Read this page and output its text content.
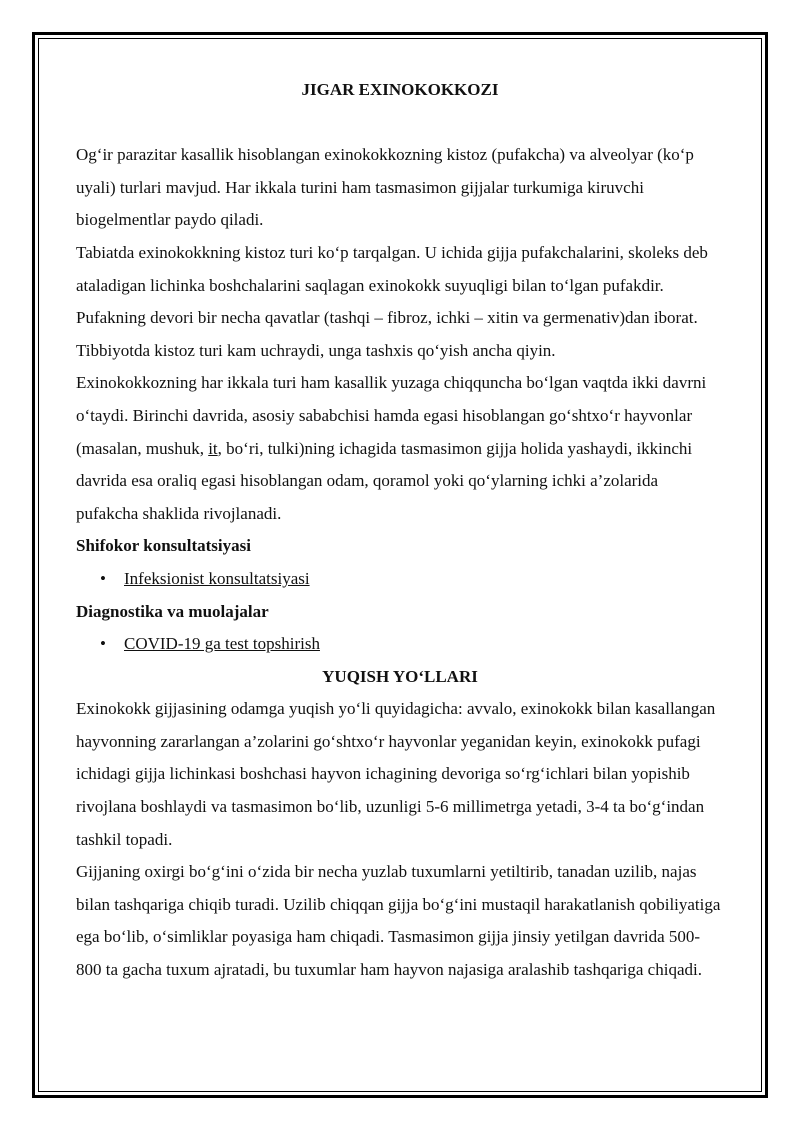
JIGAR EXINOKOKKOZI

Og‘ir parazitar kasallik hisoblangan exinokokkozning kistoz (pufakcha) va alveolyar (ko‘p uyali) turlari mavjud. Har ikkala turini ham tasmasimon gijjalar turkumiga kiruvchi biogelmentlar paydo qiladi.

Tabiatda exinokokkning kistoz turi ko‘p tarqalgan. U ichida gijja pufakchalarini, skoleks deb ataladigan lichinka boshchalarini saqlagan exinokokk suyuqligi bilan to‘lgan pufakdir. Pufakning devori bir necha qavatlar (tashqi – fibroz, ichki – xitin va germenativ)dan iborat. Tibbiyotda kistoz turi kam uchraydi, unga tashxis qo‘yish ancha qiyin.

Exinokokkozning har ikkala turi ham kasallik yuzaga chiqquncha bo‘lgan vaqtda ikki davrni o‘taydi. Birinchi davrida, asosiy sababchisi hamda egasi hisoblangan go‘shtxo‘r hayvonlar (masalan, mushuk, it, bo‘ri, tulki)ning ichagida tasmasimon gijja holida yashaydi, ikkinchi davrida esa oraliq egasi hisoblangan odam, qoramol yoki qo‘ylarning ichki a’zolarida pufakcha shaklida rivojlanadi.

Shifokor konsultatsiyasi

• Infeksionist konsultatsiyasi

Diagnostika va muolajalar

• COVID-19 ga test topshirish

YUQISH YO‘LLARI

Exinokokk gijjasining odamga yuqish yo‘li quyidagicha: avvalo, exinokokk bilan kasallangan hayvonning zararlangan a’zolarini go‘shtxo‘r hayvonlar yeganidan keyin, exinokokk pufagi ichidagi gijja lichinkasi boshchasi hayvon ichagining devoriga so‘rg‘ichlari bilan yopishib rivojlana boshlaydi va tasmasimon bo‘lib, uzunligi 5-6 millimetrga yetadi, 3-4 ta bo‘g‘indan tashkil topadi.

Gijjaning oxirgi bo‘g‘ini o‘zida bir necha yuzlab tuxumlarni yetiltirib, tanadan uzilib, najas bilan tashqariga chiqib turadi. Uzilib chiqqan gijja bo‘g‘ini mustaqil harakatlanish qobiliyatiga ega bo‘lib, o‘simliklar poyasiga ham chiqadi. Tasmasimon gijja jinsiy yetilgan davrida 500-800 ta gacha tuxum ajratadi, bu tuxumlar ham hayvon najasiga aralashib tashqariga chiqadi.
